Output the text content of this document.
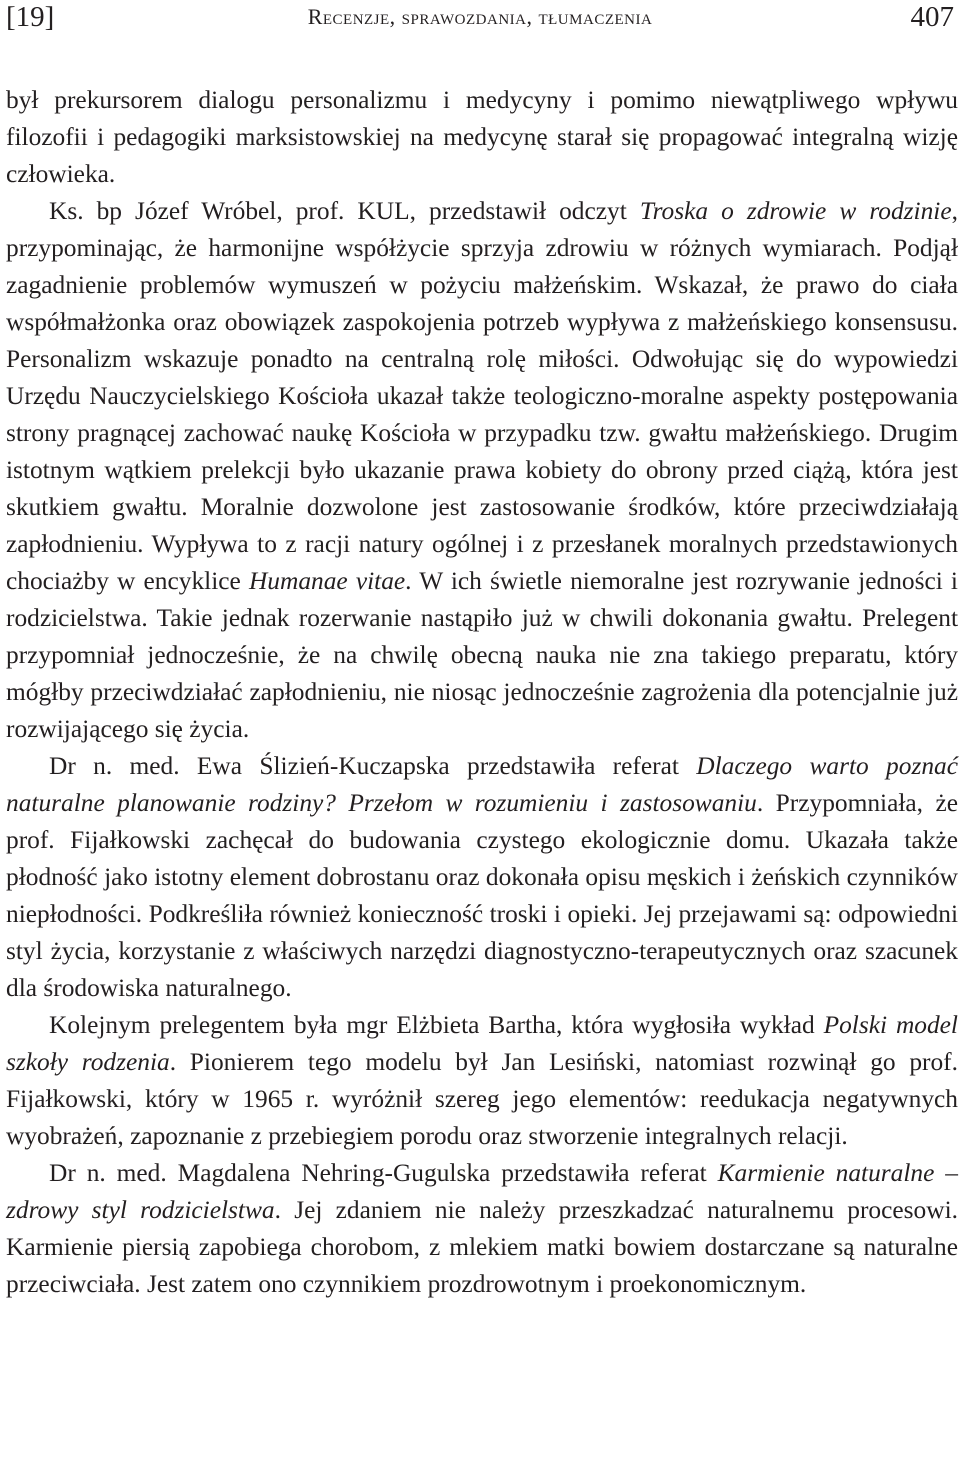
[19]	Recenzje, sprawozdania, tłumaczenia	407

był prekursorem dialogu personalizmu i medycyny i pomimo niewątpliwego wpływu filozofii i pedagogiki marksistowskiej na medycynę starał się propagować integralną wizję człowieka.

Ks. bp Józef Wróbel, prof. KUL, przedstawił odczyt Troska o zdrowie w rodzinie, przypominając, że harmonijne współżycie sprzyja zdrowiu w różnych wymiarach. Podjął zagadnienie problemów wymuszeń w pożyciu małżeńskim. Wskazał, że prawo do ciała współmałżonka oraz obowiązek zaspokojenia potrzeb wypływa z małżeńskiego konsensusu. Personalizm wskazuje ponadto na centralną rolę miłości. Odwołując się do wypowiedzi Urzędu Nauczycielskiego Kościoła ukazał także teologiczno-moralne aspekty postępowania strony pragnącej zachować naukę Kościoła w przypadku tzw. gwałtu małżeńskiego. Drugim istotnym wątkiem prelekcji było ukazanie prawa kobiety do obrony przed ciążą, która jest skutkiem gwałtu. Moralnie dozwolone jest zastosowanie środków, które przeciwdziałają zapłodnieniu. Wypływa to z racji natury ogólnej i z przesłanek moralnych przedstawionych chociażby w encyklice Humanae vitae. W ich świetle niemoralne jest rozrywanie jedności i rodzicielstwa. Takie jednak rozerwanie nastąpiło już w chwili dokonania gwałtu. Prelegent przypomniał jednocześnie, że na chwilę obecną nauka nie zna takiego preparatu, który mógłby przeciwdziałać zapłodnieniu, nie niosąc jednocześnie zagrożenia dla potencjalnie już rozwijającego się życia.

Dr n. med. Ewa Ślizień-Kuczapska przedstawiła referat Dlaczego warto poznać naturalne planowanie rodziny? Przełom w rozumieniu i zastosowaniu. Przypomniała, że prof. Fijałkowski zachęcał do budowania czystego ekologicznie domu. Ukazała także płodność jako istotny element dobrostanu oraz dokonała opisu męskich i żeńskich czynników niepłodności. Podkreśliła również konieczność troski i opieki. Jej przejawami są: odpowiedni styl życia, korzystanie z właściwych narzędzi diagnostyczno-terapeutycznych oraz szacunek dla środowiska naturalnego.

Kolejnym prelegentem była mgr Elżbieta Bartha, która wygłosiła wykład Polski model szkoły rodzenia. Pionierem tego modelu był Jan Lesiński, natomiast rozwinął go prof. Fijałkowski, który w 1965 r. wyróżnił szereg jego elementów: reedukacja negatywnych wyobrażeń, zapoznanie z przebiegiem porodu oraz stworzenie integralnych relacji.

Dr n. med. Magdalena Nehring-Gugulska przedstawiła referat Karmienie naturalne – zdrowy styl rodzicielstwa. Jej zdaniem nie należy przeszkadzać naturalnemu procesowi. Karmienie piersią zapobiega chorobom, z mlekiem matki bowiem dostarczane są naturalne przeciwciała. Jest zatem ono czynnikiem prozdrowotnym i proekonomicznym.
